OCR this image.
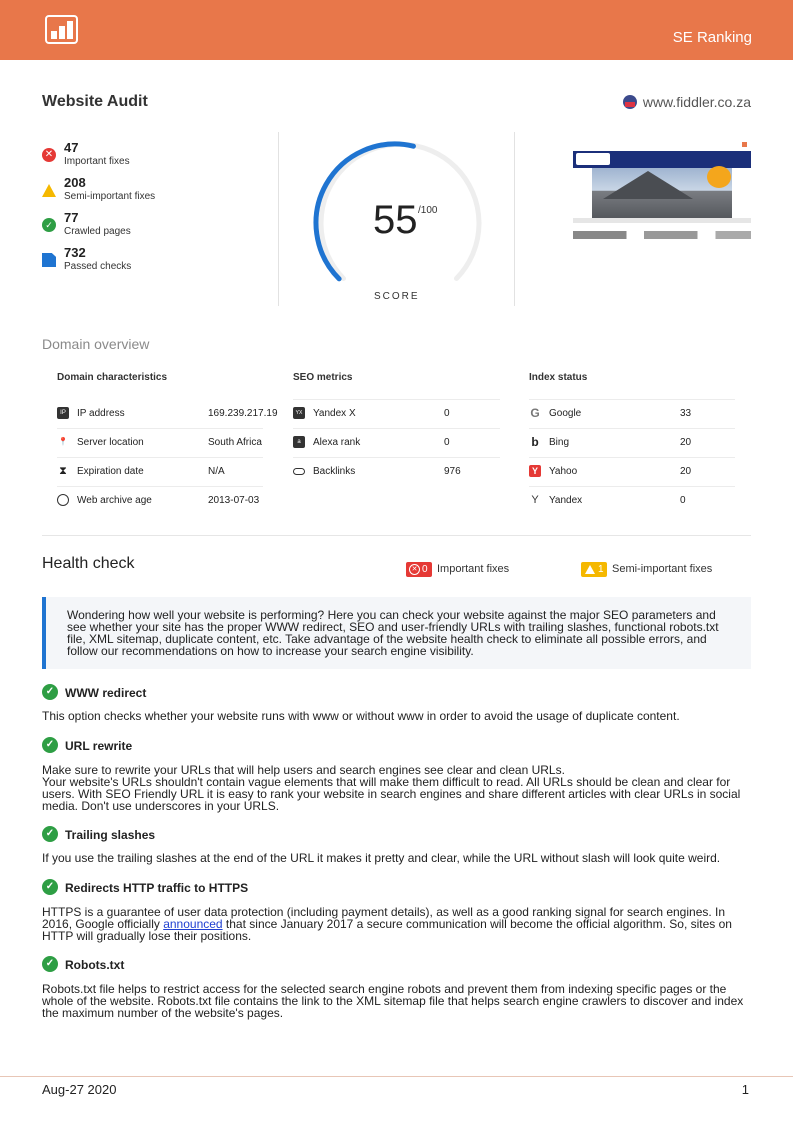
SE Ranking
Website Audit	www.fiddler.co.za
✕ 47
Important fixes
208
Semi-important fixes
✓ 77
Crawled pages
732
Passed checks
55 /100
SCORE
Domain overview
Domain characteristics	SEO metrics	Index status
IP	IP address	169.239.217.19
📍 Server location	South Africa
⧗ Expiration date	N/A
Web archive age	2013-07-03
YX Yandex X	0
a	Alexa rank	0
Backlinks	976
G Google	33
b Bing	20
Y	Yahoo	20
Y Yandex	0
Health check	✕ 0 Important fixes	1 Semi-important fixes
Wondering how well your website is performing? Here you can check your website against the major SEO parameters and see whether your site has the proper WWW redirect, SEO and user-friendly URLs with trailing slashes, functional robots.txt file, XML sitemap, duplicate content, etc. Take advantage of the website health check to eliminate all possible errors, and follow our recommendations on how to increase your search engine visibility.
✓ WWW redirect
This option checks whether your website runs with www or without www in order to avoid the usage of duplicate content.
✓ URL rewrite
Make sure to rewrite your URLs that will help users and search engines see clear and clean URLs.
Your website's URLs shouldn't contain vague elements that will make them difficult to read. All URLs should be clean and clear for users. With SEO Friendly URL it is easy to rank your website in search engines and share different articles with clear URLs in social media. Don't use underscores in your URLS.
✓ Trailing slashes
If you use the trailing slashes at the end of the URL it makes it pretty and clear, while the URL without slash will look quite weird.
✓ Redirects HTTP traffic to HTTPS
HTTPS is a guarantee of user data protection (including payment details), as well as a good ranking signal for search engines. In 2016, Google officially announced that since January 2017 a secure communication will become the official algorithm. So, sites on HTTP will gradually lose their positions.
✓ Robots.txt
Robots.txt file helps to restrict access for the selected search engine robots and prevent them from indexing specific pages or the whole of the website. Robots.txt file contains the link to the XML sitemap file that helps search engine crawlers to discover and index the maximum number of the website's pages.
Aug-27 2020	1
